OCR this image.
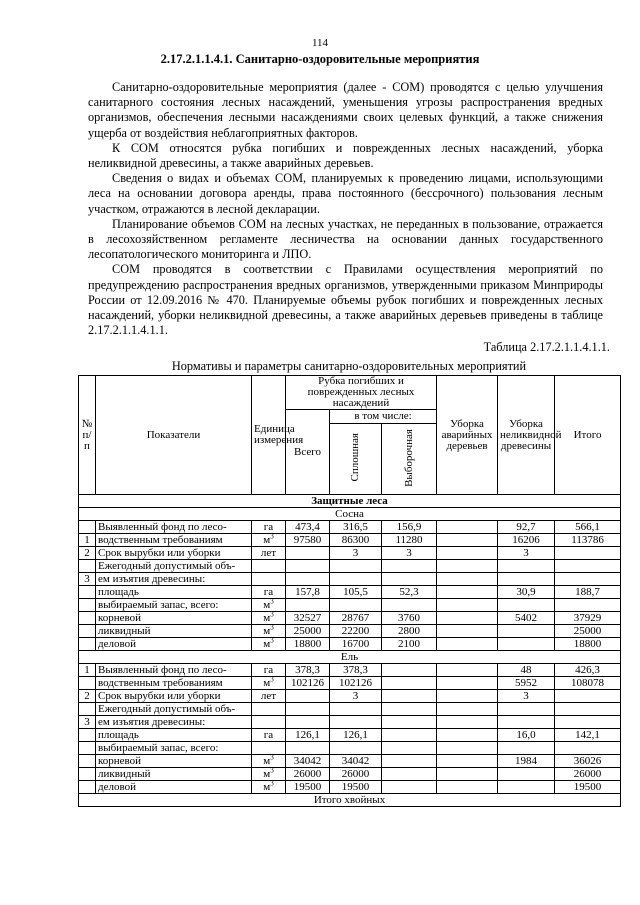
114
2.17.2.1.1.4.1. Санитарно-оздоровительные мероприятия

Санитарно-оздоровительные мероприятия (далее - СОМ) проводятся с целью улучшения санитарного состояния лесных насаждений, уменьшения угрозы распространения вредных организмов, обеспечения лесными насаждениями своих целевых функций, а также снижения ущерба от воздействия неблагоприятных факторов.

К СОМ относятся рубка погибших и поврежденных лесных насаждений, уборка неликвидной древесины, а также аварийных деревьев.

Сведения о видах и объемах СОМ, планируемых к проведению лицами, использующими леса на основании договора аренды, права постоянного (бессрочного) пользования лесным участком, отражаются в лесной декларации.

Планирование объемов СОМ на лесных участках, не переданных в пользование, отражается в лесохозяйственном регламенте лесничества на основании данных государственного лесопатологического мониторинга и ЛПО.

СОМ проводятся в соответствии с Правилами осуществления мероприятий по предупреждению распространения вредных организмов, утвержденными приказом Минприроды России от 12.09.2016 № 470. Планируемые объемы рубок погибших и поврежденных лесных насаждений, уборки неликвидной древесины, а также аварийных деревьев приведены в таблице 2.17.2.1.1.4.1.1.

Таблица 2.17.2.1.1.4.1.1.
Нормативы и параметры санитарно-оздоровительных мероприятий
№ п/п	Показатели	Единица измерения	Рубка погибших и поврежденных лесных насаждений			Уборка аварийных деревьев	Уборка неликвидной древесины	Итого
			Всего	в том числе:				
				Сплошная	Выборочная			
Защитные леса								
Сосна								
	Выявленный фонд по лесо-	га	473,4	316,5	156,9		92,7	566,1
1	водственным требованиям	$м^3$	97580	86300	11280		16206	113786
2	Срок вырубки или уборки	лет		3	3		3	
	Ежегодный допустимый объ-							
3	ем изъятия древесины:							
	площадь	га	157,8	105,5	52,3		30,9	188,7
	выбираемый запас, всего:	$м^3$						
	корневой	$м^3$	32527	28767	3760		5402	37929
	ликвидный	$м^3$	25000	22200	2800			25000
	деловой	$м^3$	18800	16700	2100			18800
Ель								
1	Выявленный фонд по лесо-	га	378,3	378,3			48	426,3
	водственным требованиям	$м^3$	102126	102126			5952	108078
2	Срок вырубки или уборки	лет		3			3	
	Ежегодный допустимый объ-							
3	ем изъятия древесины:							
	площадь	га	126,1	126,1			16,0	142,1
	выбираемый запас, всего:							
	корневой	$м^3$	34042	34042			1984	36026
	ликвидный	$м^3$	26000	26000				26000
	деловой	$м^3$	19500	19500				19500
Итого хвойных								
